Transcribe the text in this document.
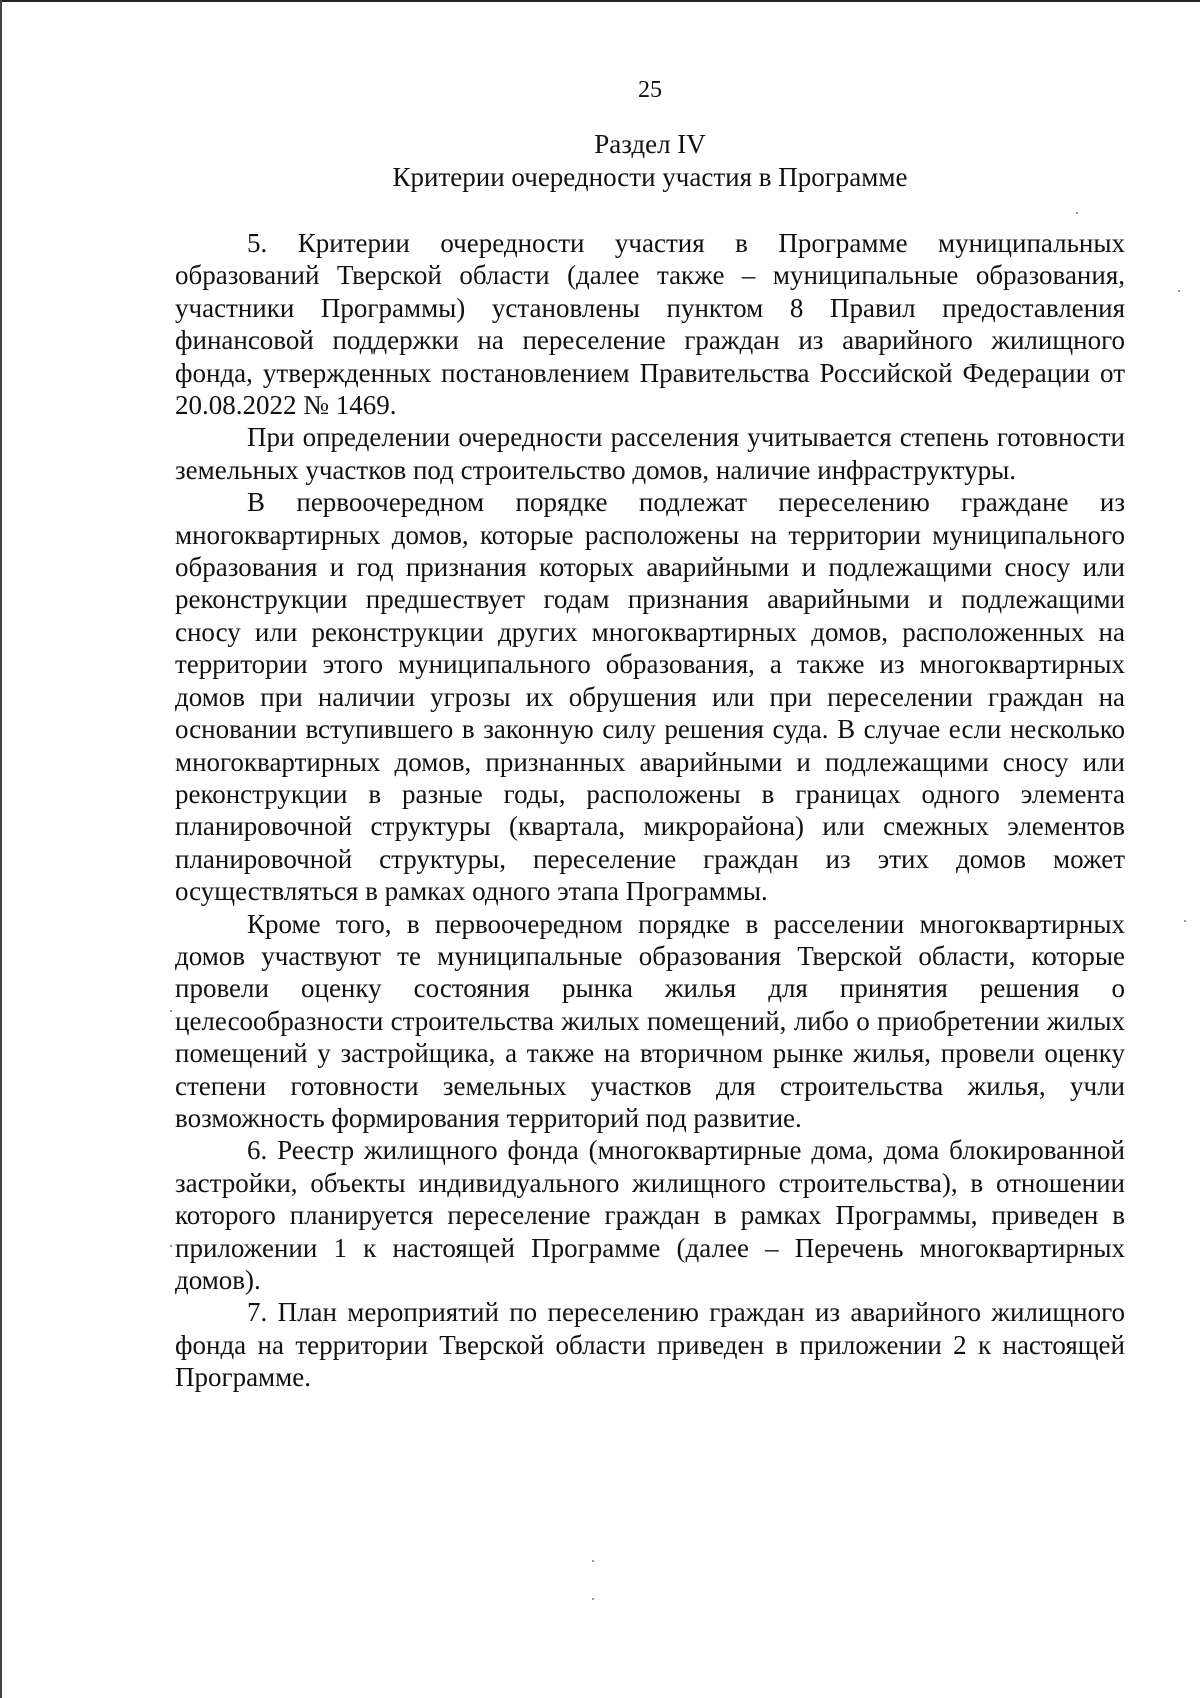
25
Раздел IV
Критерии очередности участия в Программе

5. Критерии очередности участия в Программе муниципальных образований Тверской области (далее также – муниципальные образования, участники Программы) установлены пунктом 8 Правил предоставления финансовой поддержки на переселение граждан из аварийного жилищного фонда, утвержденных постановлением Правительства Российской Федерации от 20.08.2022 № 1469.

При определении очередности расселения учитывается степень готовности земельных участков под строительство домов, наличие инфраструктуры.

В первоочередном порядке подлежат переселению граждане из многоквартирных домов, которые расположены на территории муниципального образования и год признания которых аварийными и подлежащими сносу или реконструкции предшествует годам признания аварийными и подлежащими сносу или реконструкции других многоквартирных домов, расположенных на территории этого муниципального образования, а также из многоквартирных домов при наличии угрозы их обрушения или при переселении граждан на основании вступившего в законную силу решения суда. В случае если несколько многоквартирных домов, признанных аварийными и подлежащими сносу или реконструкции в разные годы, расположены в границах одного элемента планировочной структуры (квартала, микрорайона) или смежных элементов планировочной структуры, переселение граждан из этих домов может осуществляться в рамках одного этапа Программы.

Кроме того, в первоочередном порядке в расселении многоквартирных домов участвуют те муниципальные образования Тверской области, которые провели оценку состояния рынка жилья для принятия решения о целесообразности строительства жилых помещений, либо о приобретении жилых помещений у застройщика, а также на вторичном рынке жилья, провели оценку степени готовности земельных участков для строительства жилья, учли возможность формирования территорий под развитие.

6. Реестр жилищного фонда (многоквартирные дома, дома блокированной застройки, объекты индивидуального жилищного строительства), в отношении которого планируется переселение граждан в рамках Программы, приведен в приложении 1 к настоящей Программе (далее – Перечень многоквартирных домов).

7. План мероприятий по переселению граждан из аварийного жилищного фонда на территории Тверской области приведен в приложении 2 к настоящей Программе.
